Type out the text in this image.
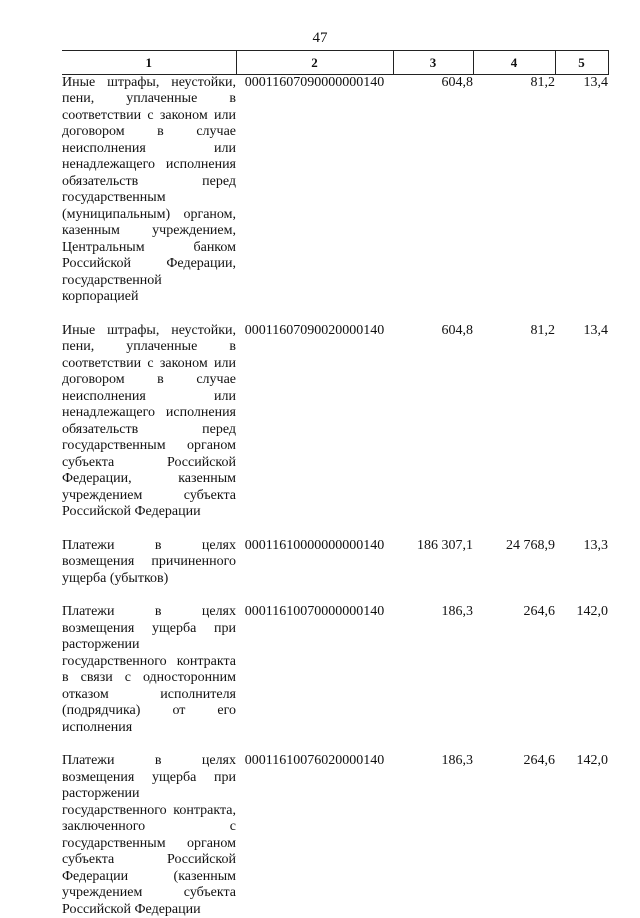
47
1	2	3	4	5
Иные штрафы, неустойки, пени, уплаченные в соответствии с законом или договором в случае неисполнения или ненадлежащего исполнения обязательств перед государственным (муниципальным) органом, казенным учреждением, Центральным банком Российской Федерации, государственной корпорацией	00011607090000000140	604,8	81,2	13,4

Иные штрафы, неустойки, пени, уплаченные в соответствии с законом или договором в случае неисполнения или ненадлежащего исполнения обязательств перед государственным органом субъекта Российской Федерации, казенным учреждением субъекта Российской Федерации	00011607090020000140	604,8	81,2	13,4

Платежи в целях возмещения причиненного ущерба (убытков)	00011610000000000140	186 307,1	24 768,9	13,3

Платежи в целях возмещения ущерба при расторжении государственного контракта в связи с односторонним отказом исполнителя (подрядчика) от его исполнения	00011610070000000140	186,3	264,6	142,0

Платежи в целях возмещения ущерба при расторжении государственного контракта, заключенного с государственным органом субъекта Российской Федерации (казенным учреждением субъекта Российской Федерации	00011610076020000140	186,3	264,6	142,0
